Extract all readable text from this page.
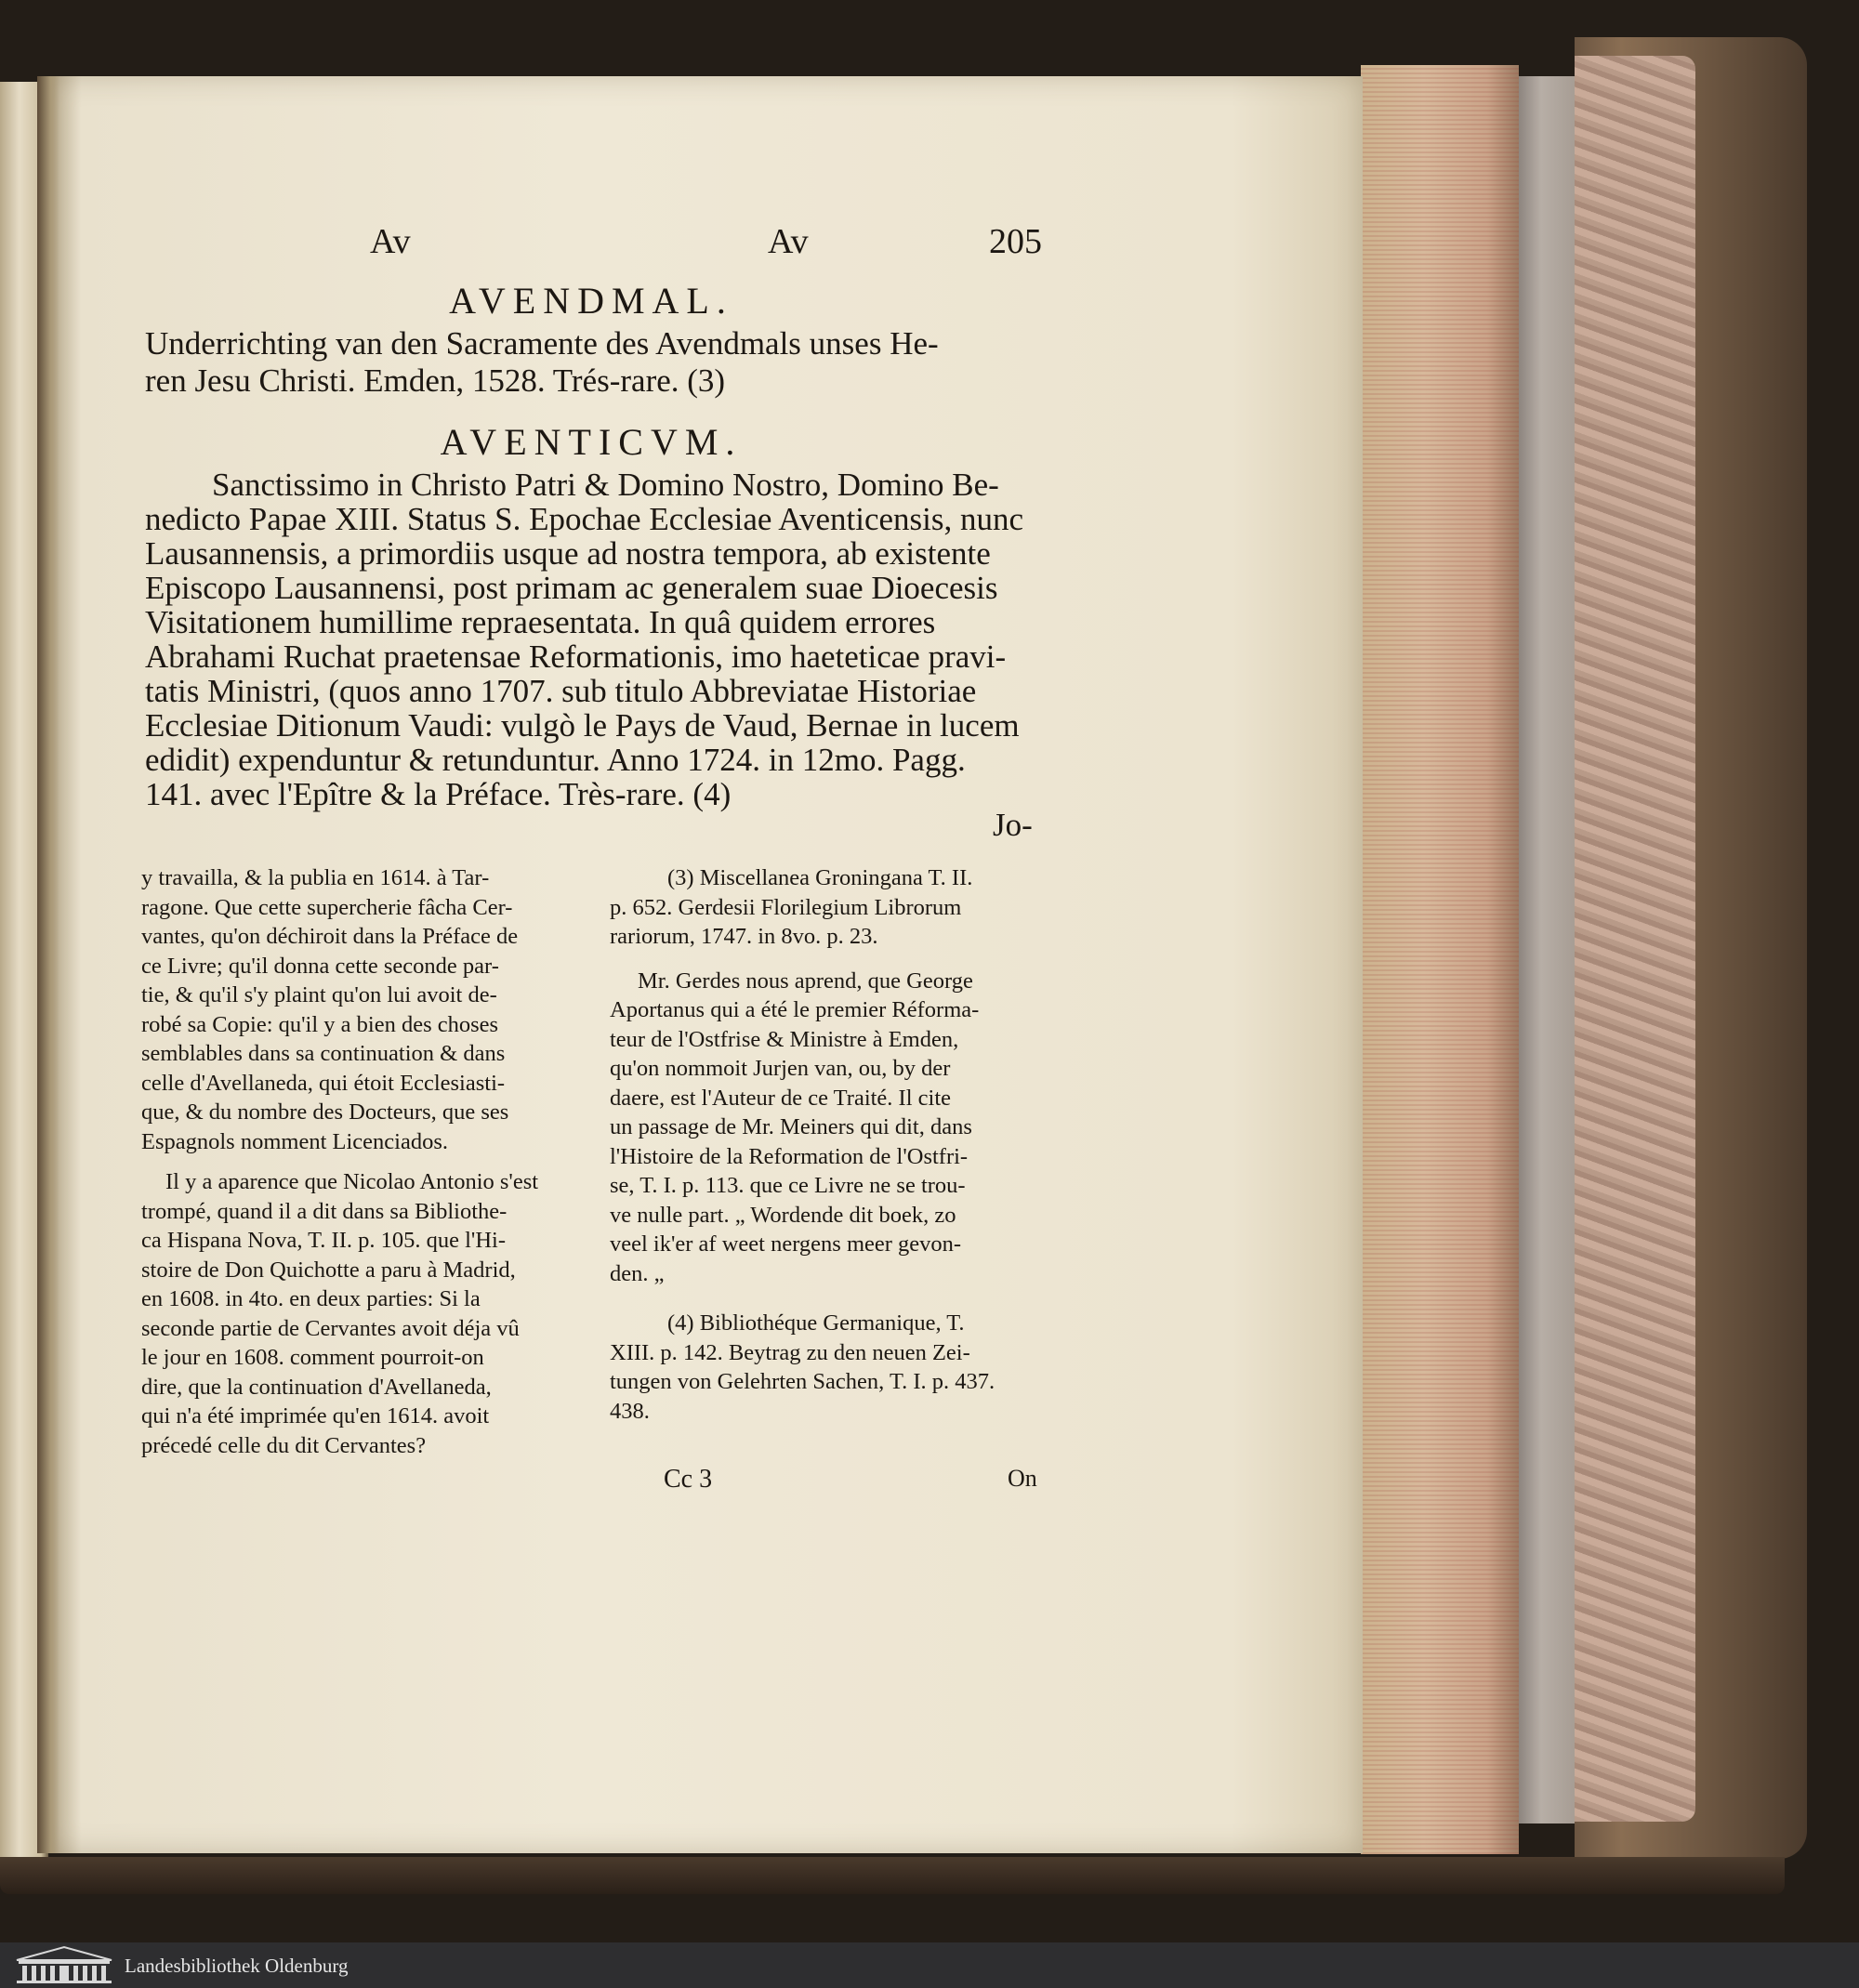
Av	Av	205
AVENDMAL.
Underrichting van den Sacramente des Avendmals unses He-
ren Jesu Christi. Emden, 1528. Trés-rare. (3)
AVENTICVM.
Sanctissimo in Christo Patri & Domino Nostro, Domino Be-
nedicto Papae XIII. Status S. Epochae Ecclesiae Aventicensis, nunc
Lausannensis, a primordiis usque ad nostra tempora, ab existente
Episcopo Lausannensi, post primam ac generalem suae Dioecesis
Visitationem humillime repraesentata. In quâ quidem errores
Abrahami Ruchat praetensae Reformationis, imo haeteticae pravi-
tatis Ministri, (quos anno 1707. sub titulo Abbreviatae Historiae
Ecclesiae Ditionum Vaudi: vulgò le Pays de Vaud, Bernae in lucem
edidit) expenduntur & retunduntur. Anno 1724. in 12mo. Pagg.
141. avec l'Epître & la Préface. Très-rare. (4)
Jo-
y travailla, & la publia en 1614. à Tar-
ragone. Que cette supercherie fâcha Cer-
vantes, qu'on déchiroit dans la Préface de
ce Livre; qu'il donna cette seconde par-
tie, & qu'il s'y plaint qu'on lui avoit de-
robé sa Copie: qu'il y a bien des choses
semblables dans sa continuation & dans
celle d'Avellaneda, qui étoit Ecclesiasti-
que, & du nombre des Docteurs, que ses
Espagnols nomment Licenciados.
Il y a aparence que Nicolao Antonio s'est
trompé, quand il a dit dans sa Bibliothe-
ca Hispana Nova, T. II. p. 105. que l'Hi-
stoire de Don Quichotte a paru à Madrid,
en 1608. in 4to. en deux parties: Si la
seconde partie de Cervantes avoit déja vû
le jour en 1608. comment pourroit-on
dire, que la continuation d'Avellaneda,
qui n'a été imprimée qu'en 1614. avoit
précedé celle du dit Cervantes?
(3) Miscellanea Groningana T. II.
p. 652. Gerdesii Florilegium Librorum
rariorum, 1747. in 8vo. p. 23.
Mr. Gerdes nous aprend, que George
Aportanus qui a été le premier Réforma-
teur de l'Ostfrise & Ministre à Emden,
qu'on nommoit Jurjen van, ou, by der
daere, est l'Auteur de ce Traité. Il cite
un passage de Mr. Meiners qui dit, dans
l'Histoire de la Reformation de l'Ostfri-
se, T. I. p. 113. que ce Livre ne se trou-
ve nulle part. „ Wordende dit boek, zo
veel ik'er af weet nergens meer gevon-
den. „
(4) Bibliothéque Germanique, T.
XIII. p. 142. Beytrag zu den neuen Zei-
tungen von Gelehrten Sachen, T. I. p. 437.
438.
Cc 3	On
Landesbibliothek Oldenburg
